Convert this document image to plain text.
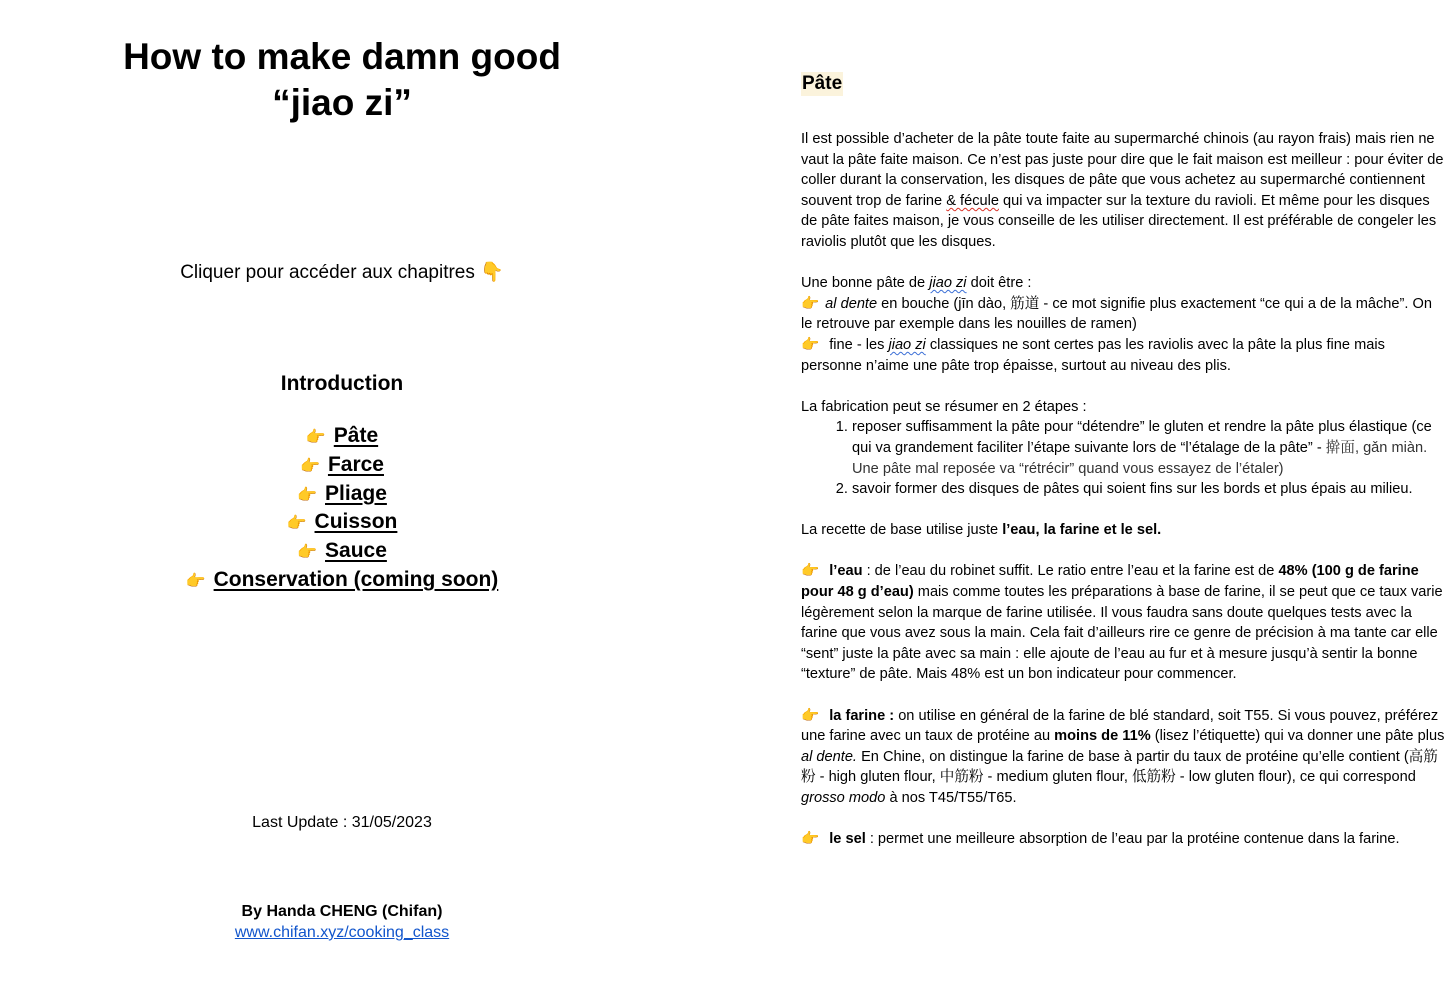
How to make damn good
“jiao zi”
Cliquer pour accéder aux chapitres 👇
Introduction
👉 Pâte
👉 Farce
👉 Pliage
👉 Cuisson
👉 Sauce
👉 Conservation (coming soon)
Last Update : 31/05/2023
By Handa CHENG (Chifan)
www.chifan.xyz/cooking_class
Pâte

Il est possible d’acheter de la pâte toute faite au supermarché chinois (au rayon frais) mais rien ne vaut la pâte faite maison. Ce n’est pas juste pour dire que le fait maison est meilleur : pour éviter de coller durant la conservation, les disques de pâte que vous achetez au supermarché contiennent souvent trop de farine & fécule qui va impacter sur la texture du ravioli. Et même pour les disques de pâte faites maison, je vous conseille de les utiliser directement. Il est préférable de congeler les raviolis plutôt que les disques.

Une bonne pâte de jiao zi doit être :

👉 al dente en bouche (jīn dào, 筋道 - ce mot signifie plus exactement “ce qui a de la mâche”. On le retrouve par exemple dans les nouilles de ramen)

👉 fine - les jiao zi classiques ne sont certes pas les raviolis avec la pâte la plus fine mais personne n’aime une pâte trop épaisse, surtout au niveau des plis.

La fabrication peut se résumer en 2 étapes :

1. reposer suffisamment la pâte pour “détendre” le gluten et rendre la pâte plus élastique (ce qui va grandement faciliter l’étape suivante lors de “l’étalage de la pâte” - 擀面, gǎn miàn. Une pâte mal reposée va “rétrécir” quand vous essayez de l’étaler)
2. savoir former des disques de pâtes qui soient fins sur les bords et plus épais au milieu.

La recette de base utilise juste l’eau, la farine et le sel.

👉 l’eau : de l’eau du robinet suffit. Le ratio entre l’eau et la farine est de 48% (100 g de farine pour 48 g d’eau) mais comme toutes les préparations à base de farine, il se peut que ce taux varie légèrement selon la marque de farine utilisée. Il vous faudra sans doute quelques tests avec la farine que vous avez sous la main. Cela fait d’ailleurs rire ce genre de précision à ma tante car elle “sent” juste la pâte avec sa main : elle ajoute de l’eau au fur et à mesure jusqu’à sentir la bonne “texture” de pâte. Mais 48% est un bon indicateur pour commencer.

👉 la farine : on utilise en général de la farine de blé standard, soit T55. Si vous pouvez, préférez une farine avec un taux de protéine au moins de 11% (lisez l’étiquette) qui va donner une pâte plus al dente. En Chine, on distingue la farine de base à partir du taux de protéine qu’elle contient (高筋粉 - high gluten flour, 中筋粉 - medium gluten flour, 低筋粉 - low gluten flour), ce qui correspond grosso modo à nos T45/T55/T65.

👉 le sel : permet une meilleure absorption de l’eau par la protéine contenue dans la farine.
